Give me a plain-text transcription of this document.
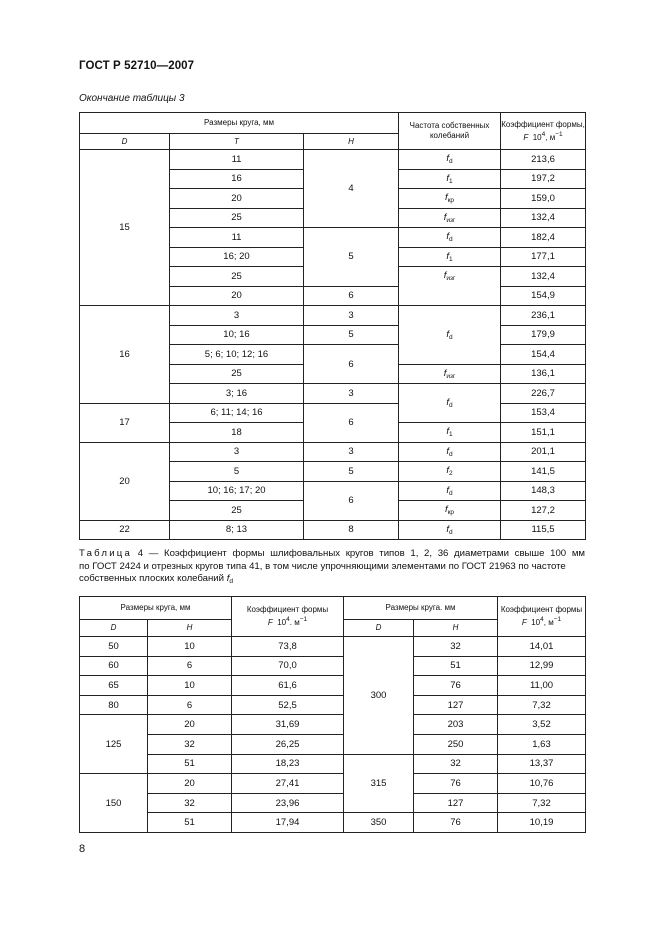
ГОСТ Р 52710—2007
Окончание таблицы 3
Размеры круга, мм			Частота собственных колебаний	Коэффициент формы,
F $10^4$, $м^{-1}$
D	T	H		
15	11	4	$f_d$	213,6
	16		$f_1$	197,2
	20		$f_{кр}$	159,0
	25		$f_{изг}$	132,4
	11	5	$f_d$	182,4
	16; 20		$f_1$	177,1
	25		$f_{изг}$	132,4
	20	6		154,9
16	3	3	$f_d$	236,1
	10; 16	5		179,9
	5; 6; 10; 12; 16	6		154,4
	25		$f_{изг}$	136,1
	3; 16	3	$f_d$	226,7
17	6; 11; 14; 16	6		153,4
	18		$f_1$	151,1
20	3	3	$f_d$	201,1
	5	5	$f_2$	141,5
	10; 16; 17; 20	6	$f_d$	148,3
	25		$f_{кр}$	127,2
22	8; 13	8	$f_d$	115,5
Таблица 4 — Коэффициент формы шлифовальных кругов типов 1, 2, 36 диаметрами свыше 100 мм
по ГОСТ 2424 и отрезных кругов типа 41, в том числе упрочняющими элементами по ГОСТ 21963 по частоте
собственных плоских колебаний $f_d$
Размеры круга, мм		Коэффициент формы
F $10^4$. $м^{-1}$	Размеры круга. мм		Коэффициент формы
F $10^4$, $м^{-1}$
D	H		D	H	
50	10	73,8	300	32	14,01
60	6	70,0		51	12,99
65	10	61,6		76	11,00
80	6	52,5		127	7,32
125	20	31,69		203	3,52
	32	26,25		250	1,63
	51	18,23	315	32	13,37
150	20	27,41		76	10,76
	32	23,96		127	7,32
	51	17,94	350	76	10,19
8
